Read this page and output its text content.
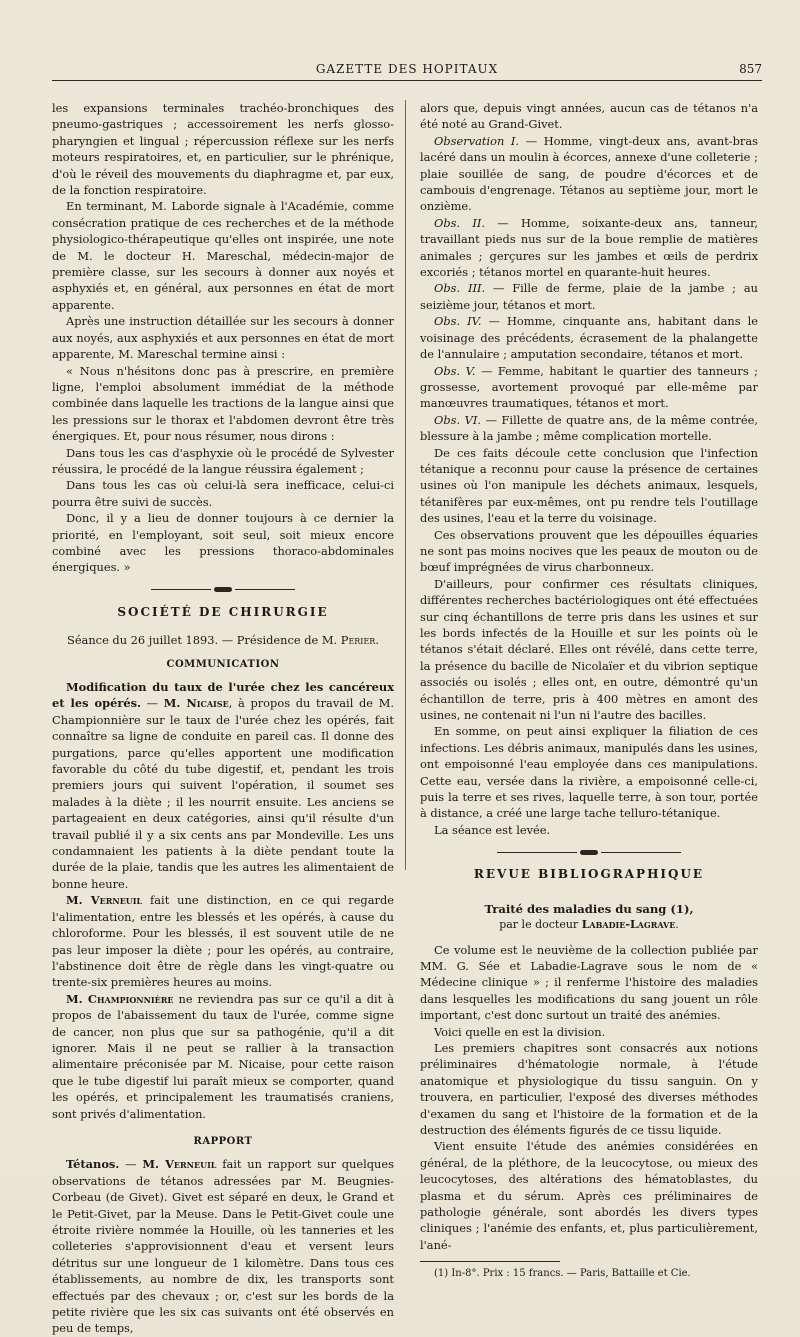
GAZETTE DES HOPITAUX	857

les expansions terminales trachéo-bronchiques des pneumo-gastriques ; accessoirement les nerfs glosso-pharyngien et lingual ; répercussion réflexe sur les nerfs moteurs respiratoires, et, en particulier, sur le phrénique, d'où le réveil des mouvements du diaphragme et, par eux, de la fonction respiratoire.

En terminant, M. Laborde signale à l'Académie, comme consécration pratique de ces recherches et de la méthode physiologico-thérapeutique qu'elles ont inspirée, une note de M. le docteur H. Mareschal, médecin-major de première classe, sur les secours à donner aux noyés et asphyxiés et, en général, aux personnes en état de mort apparente.

Après une instruction détaillée sur les secours à donner aux noyés, aux asphyxiés et aux personnes en état de mort apparente, M. Mareschal termine ainsi :

« Nous n'hésitons donc pas à prescrire, en première ligne, l'emploi absolument immédiat de la méthode combinée dans laquelle les tractions de la langue ainsi que les pressions sur le thorax et l'abdomen devront être très énergiques. Et, pour nous résumer, nous dirons :

Dans tous les cas d'asphyxie où le procédé de Sylvester réussira, le procédé de la langue réussira également ;

Dans tous les cas où celui-là sera inefficace, celui-ci pourra être suivi de succès.

Donc, il y a lieu de donner toujours à ce dernier la priorité, en l'employant, soit seul, soit mieux encore combiné avec les pressions thoraco-abdominales énergiques. »

SOCIÉTÉ DE CHIRURGIE
Séance du 26 juillet 1893. — Présidence de M. Perier.
COMMUNICATION

Modification du taux de l'urée chez les cancéreux et les opérés. — M. Nicaise, à propos du travail de M. Championnière sur le taux de l'urée chez les opérés, fait connaître sa ligne de conduite en pareil cas. Il donne des purgations, parce qu'elles apportent une modification favorable du côté du tube digestif, et, pendant les trois premiers jours qui suivent l'opération, il soumet ses malades à la diète ; il les nourrit ensuite. Les anciens se partageaient en deux catégories, ainsi qu'il résulte d'un travail publié il y a six cents ans par Mondeville. Les uns condamnaient les patients à la diète pendant toute la durée de la plaie, tandis que les autres les alimentaient de bonne heure.

M. Verneuil fait une distinction, en ce qui regarde l'alimentation, entre les blessés et les opérés, à cause du chloroforme. Pour les blessés, il est souvent utile de ne pas leur imposer la diète ; pour les opérés, au contraire, l'abstinence doit être de règle dans les vingt-quatre ou trente-six premières heures au moins.

M. Championnière ne reviendra pas sur ce qu'il a dit à propos de l'abaissement du taux de l'urée, comme signe de cancer, non plus que sur sa pathogénie, qu'il a dit ignorer. Mais il ne peut se rallier à la transaction alimentaire préconisée par M. Nicaise, pour cette raison que le tube digestif lui paraît mieux se comporter, quand les opérés, et principalement les traumatisés craniens, sont privés d'alimentation.

RAPPORT

Tétanos. — M. Verneuil fait un rapport sur quelques observations de tétanos adressées par M. Beugnies-Corbeau (de Givet). Givet est séparé en deux, le Grand et le Petit-Givet, par la Meuse. Dans le Petit-Givet coule une étroite rivière nommée la Houille, où les tanneries et les colleteries s'approvisionnent d'eau et versent leurs détritus sur une longueur de 1 kilomètre. Dans tous ces établissements, au nombre de dix, les transports sont effectués par des chevaux ; or, c'est sur les bords de la petite rivière que les six cas suivants ont été observés en peu de temps,

alors que, depuis vingt années, aucun cas de tétanos n'a été noté au Grand-Givet.

Observation I. — Homme, vingt-deux ans, avant-bras lacéré dans un moulin à écorces, annexe d'une colleterie ; plaie souillée de sang, de poudre d'écorces et de cambouis d'engrenage. Tétanos au septième jour, mort le onzième.

Obs. II. — Homme, soixante-deux ans, tanneur, travaillant pieds nus sur de la boue remplie de matières animales ; gerçures sur les jambes et œils de perdrix excoriés ; tétanos mortel en quarante-huit heures.

Obs. III. — Fille de ferme, plaie de la jambe ; au seizième jour, tétanos et mort.

Obs. IV. — Homme, cinquante ans, habitant dans le voisinage des précédents, écrasement de la phalangette de l'annulaire ; amputation secondaire, tétanos et mort.

Obs. V. — Femme, habitant le quartier des tanneurs ; grossesse, avortement provoqué par elle-même par manœuvres traumatiques, tétanos et mort.

Obs. VI. — Fillette de quatre ans, de la même contrée, blessure à la jambe ; même complication mortelle.

De ces faits découle cette conclusion que l'infection tétanique a reconnu pour cause la présence de certaines usines où l'on manipule les déchets animaux, lesquels, tétanifères par eux-mêmes, ont pu rendre tels l'outillage des usines, l'eau et la terre du voisinage.

Ces observations prouvent que les dépouilles équaries ne sont pas moins nocives que les peaux de mouton ou de bœuf imprégnées de virus charbonneux.

D'ailleurs, pour confirmer ces résultats cliniques, différentes recherches bactériologiques ont été effectuées sur cinq échantillons de terre pris dans les usines et sur les bords infectés de la Houille et sur les points où le tétanos s'était déclaré. Elles ont révélé, dans cette terre, la présence du bacille de Nicolaïer et du vibrion septique associés ou isolés ; elles ont, en outre, démontré qu'un échantillon de terre, pris à 400 mètres en amont des usines, ne contenait ni l'un ni l'autre des bacilles.

En somme, on peut ainsi expliquer la filiation de ces infections. Les débris animaux, manipulés dans les usines, ont empoisonné l'eau employée dans ces manipulations. Cette eau, versée dans la rivière, a empoisonné celle-ci, puis la terre et ses rives, laquelle terre, à son tour, portée à distance, a créé une large tache telluro-tétanique.

La séance est levée.

REVUE BIBLIOGRAPHIQUE
Traité des maladies du sang (1),
par le docteur Labadie-Lagrave.

Ce volume est le neuvième de la collection publiée par MM. G. Sée et Labadie-Lagrave sous le nom de « Médecine clinique » ; il renferme l'histoire des maladies dans lesquelles les modifications du sang jouent un rôle important, c'est donc surtout un traité des anémies.

Voici quelle en est la division.

Les premiers chapitres sont consacrés aux notions préliminaires d'hématologie normale, à l'étude anatomique et physiologique du tissu sanguin. On y trouvera, en particulier, l'exposé des diverses méthodes d'examen du sang et l'histoire de la formation et de la destruction des éléments figurés de ce tissu liquide.

Vient ensuite l'étude des anémies considérées en général, de la pléthore, de la leucocytose, ou mieux des leucocytoses, des altérations des hématoblastes, du plasma et du sérum. Après ces préliminaires de pathologie générale, sont abordés les divers types cliniques ; l'anémie des enfants, et, plus particulièrement, l'ané-

(1) In-8°. Prix : 15 francs. — Paris, Battaille et Cie.
